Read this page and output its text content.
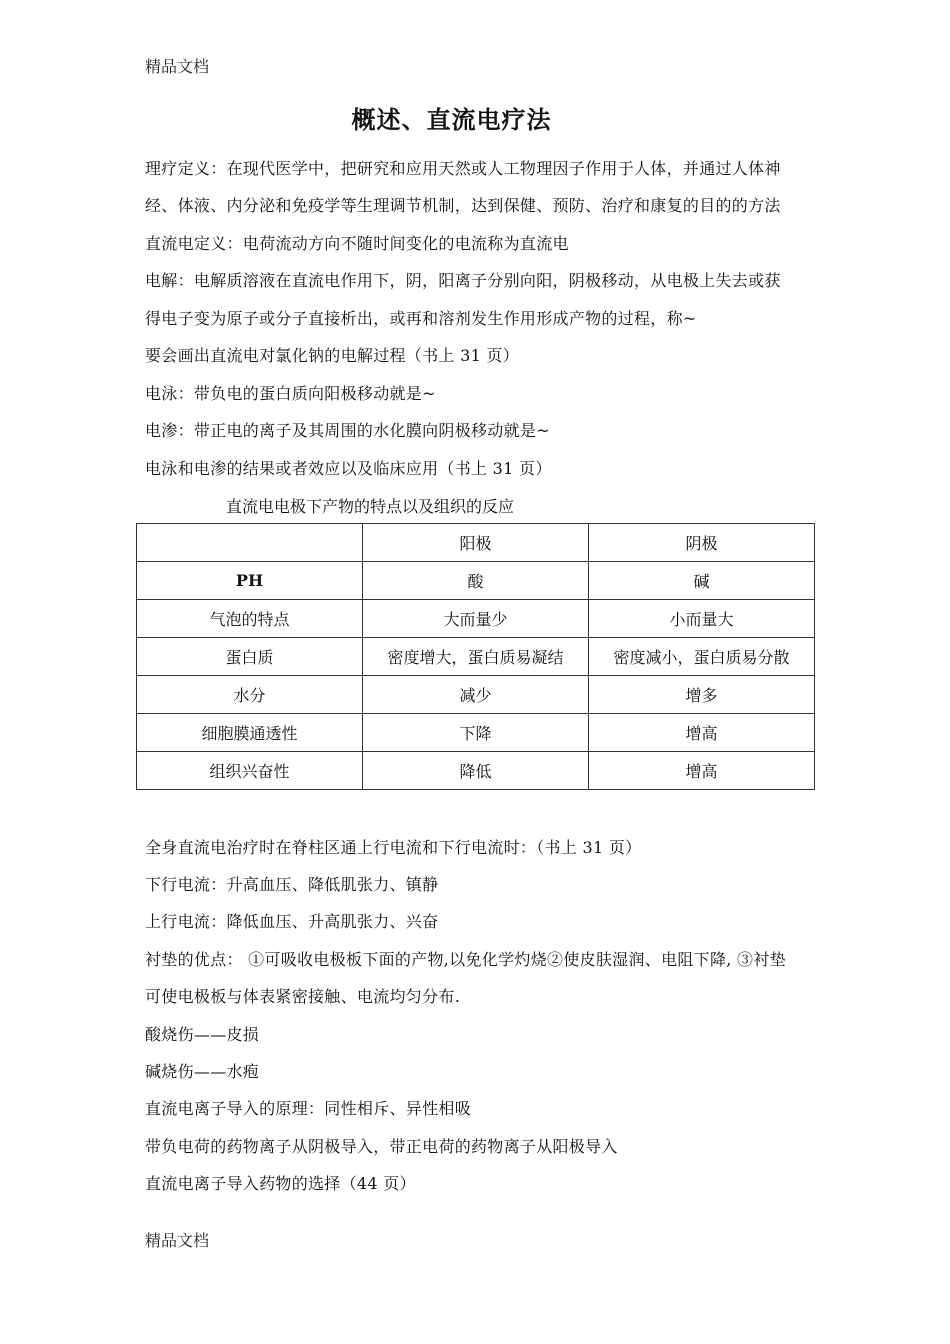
精品文档
概述、直流电疗法
理疗定义：在现代医学中，把研究和应用天然或人工物理因子作用于人体，并通过人体神
经、体液、内分泌和免疫学等生理调节机制，达到保健、预防、治疗和康复的目的的方法
直流电定义：电荷流动方向不随时间变化的电流称为直流电
电解：电解质溶液在直流电作用下，阴，阳离子分别向阳，阴极移动，从电极上失去或获
得电子变为原子或分子直接析出，或再和溶剂发生作用形成产物的过程，称~
要会画出直流电对氯化钠的电解过程（书上 31 页）
电泳：带负电的蛋白质向阳极移动就是~
电渗：带正电的离子及其周围的水化膜向阴极移动就是~
电泳和电渗的结果或者效应以及临床应用（书上 31 页）
直流电电极下产物的特点以及组织的反应
	阳极	阴极
PH	酸	碱
气泡的特点	大而量少	小而量大
蛋白质	密度增大，蛋白质易凝结	密度减小，蛋白质易分散
水分	减少	增多
细胞膜通透性	下降	增高
组织兴奋性	降低	增高
全身直流电治疗时在脊柱区通上行电流和下行电流时：（书上 31 页）
下行电流：升高血压、降低肌张力、镇静
上行电流：降低血压、升高肌张力、兴奋
衬垫的优点： ①可吸收电极板下面的产物,以免化学灼烧②使皮肤湿润、电阻下降, ③衬垫
可使电极板与体表紧密接触、电流均匀分布.
酸烧伤——皮损
碱烧伤——水疱
直流电离子导入的原理：同性相斥、异性相吸
带负电荷的药物离子从阴极导入，带正电荷的药物离子从阳极导入
直流电离子导入药物的选择（44 页）
精品文档
